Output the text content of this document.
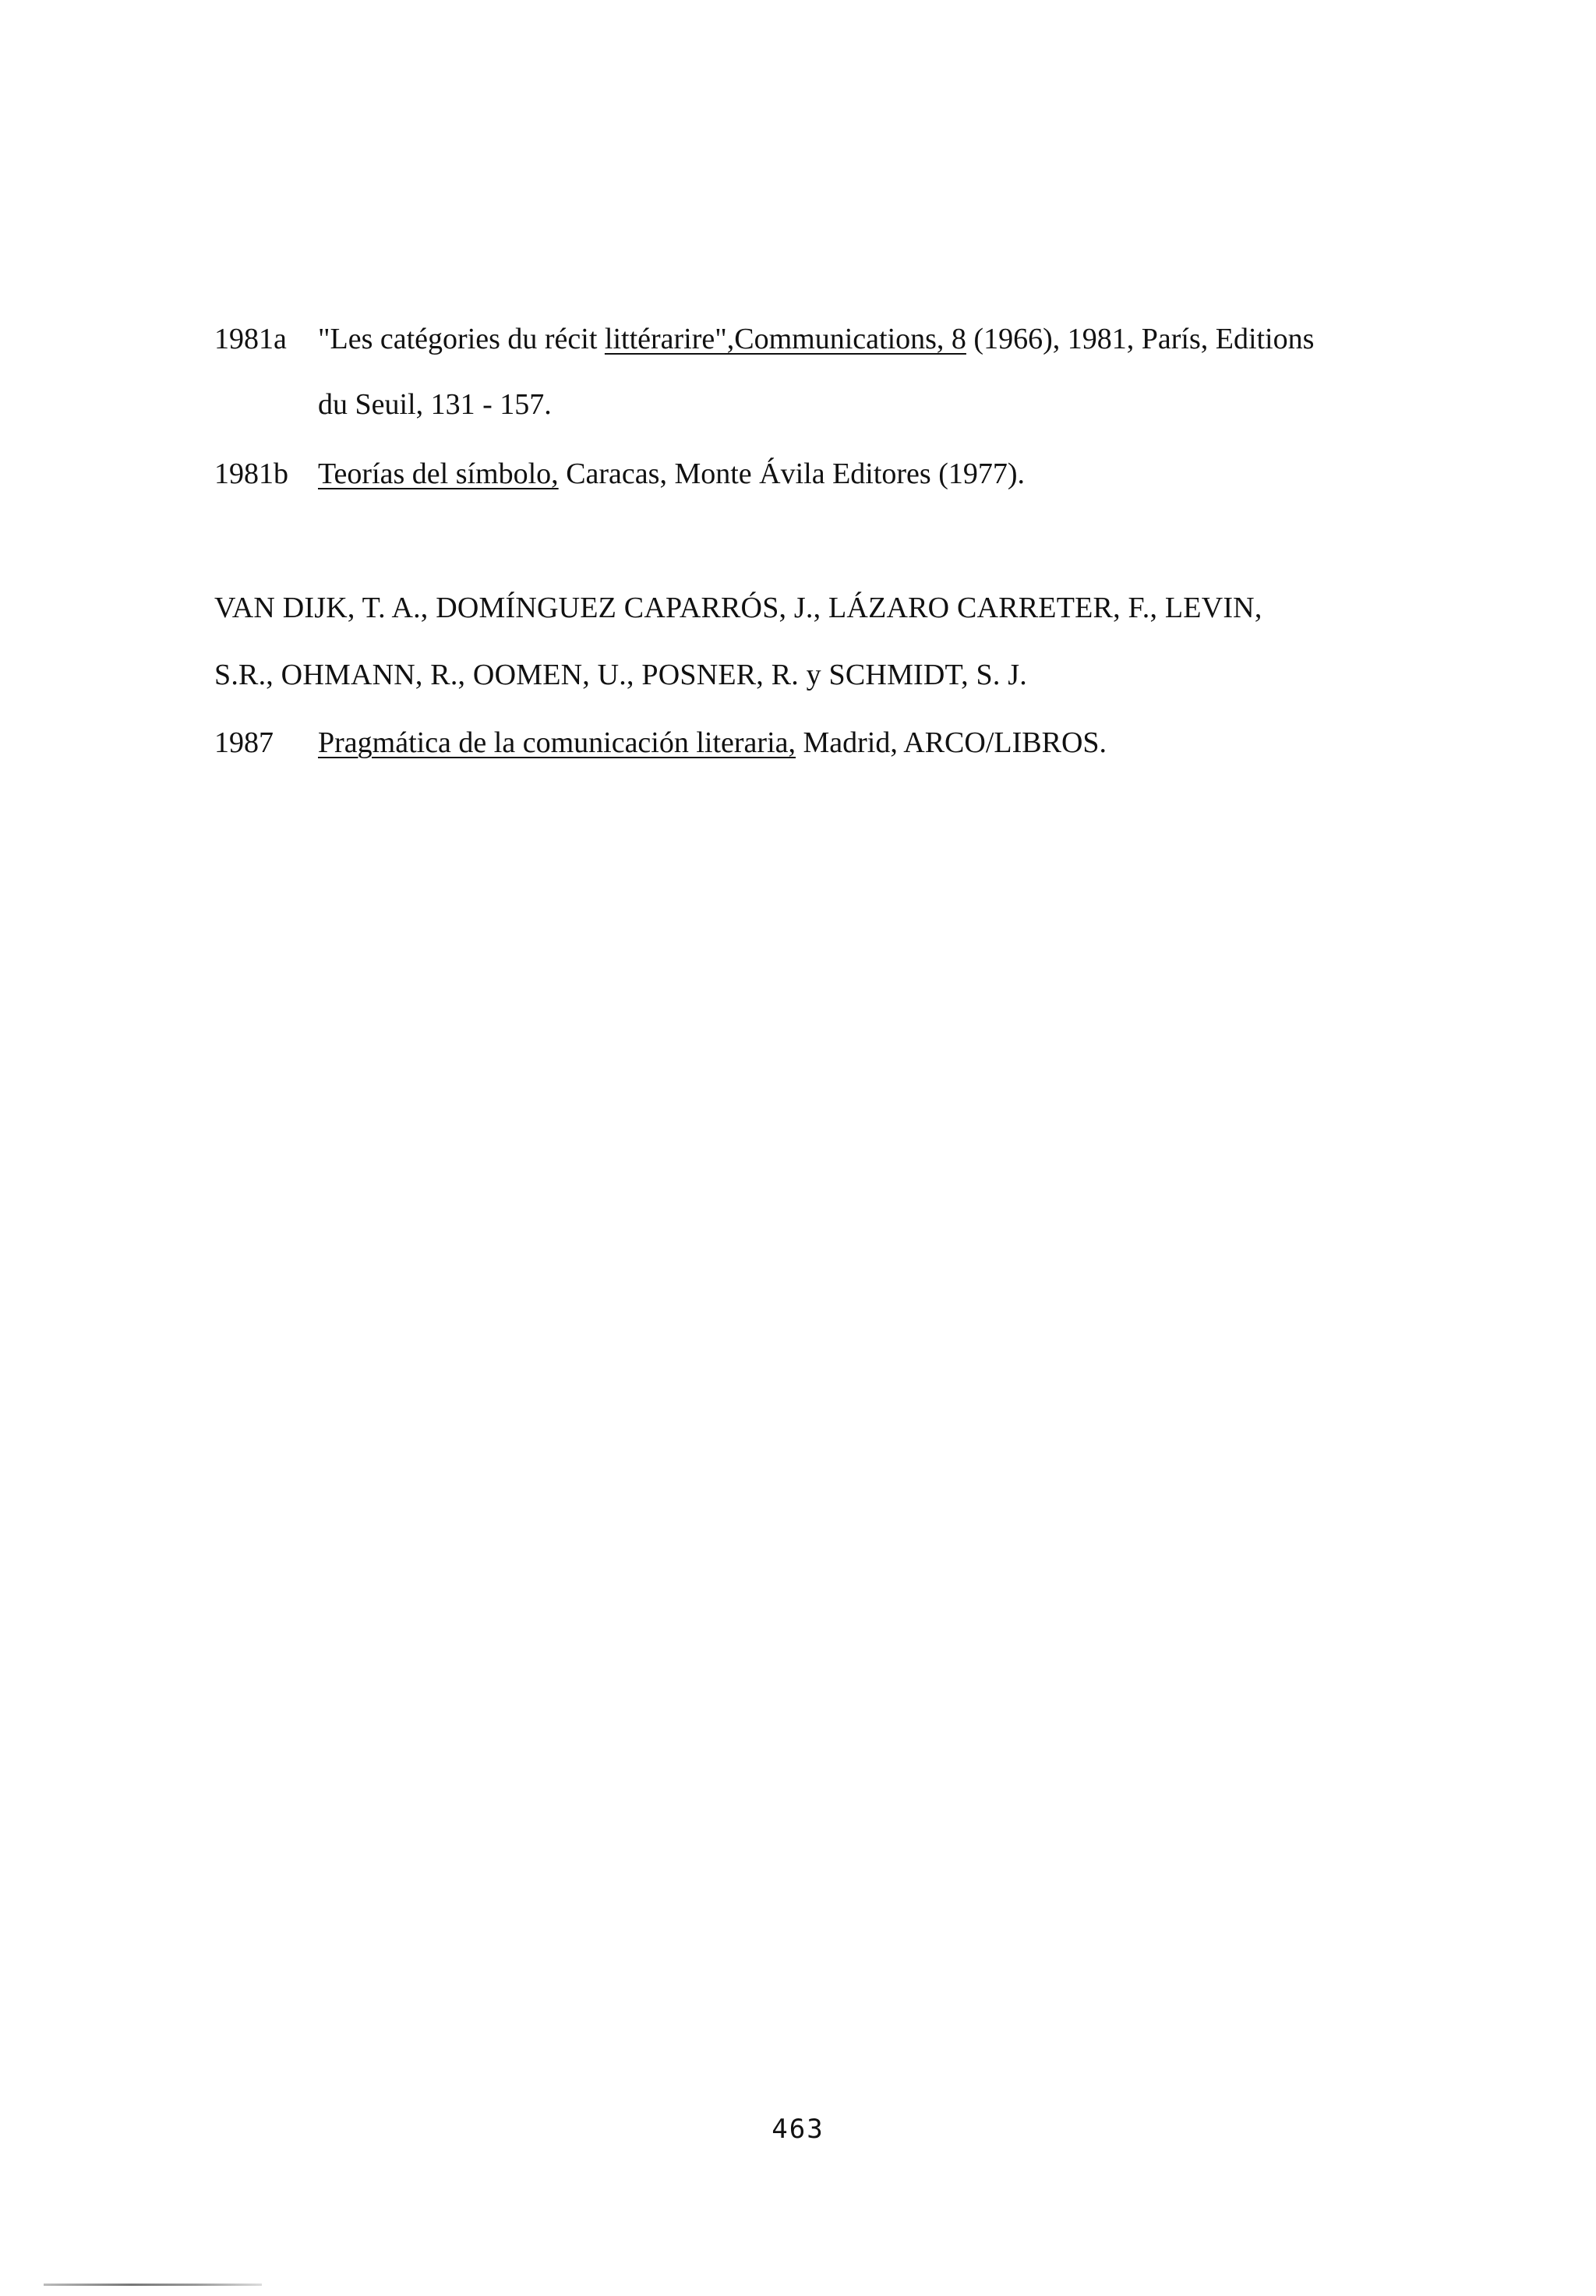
1981a "Les catégories du récit littérarire",Communications, 8 (1966), 1981, París, Editions
du Seuil, 131 - 157.
1981b Teorías del símbolo, Caracas, Monte Ávila Editores (1977).
VAN DIJK, T. A., DOMÍNGUEZ CAPARRÓS, J., LÁZARO CARRETER, F., LEVIN,
S.R., OHMANN, R., OOMEN, U., POSNER, R. y SCHMIDT, S. J.
1987 Pragmática de la comunicación literaria, Madrid, ARCO/LIBROS.
463
